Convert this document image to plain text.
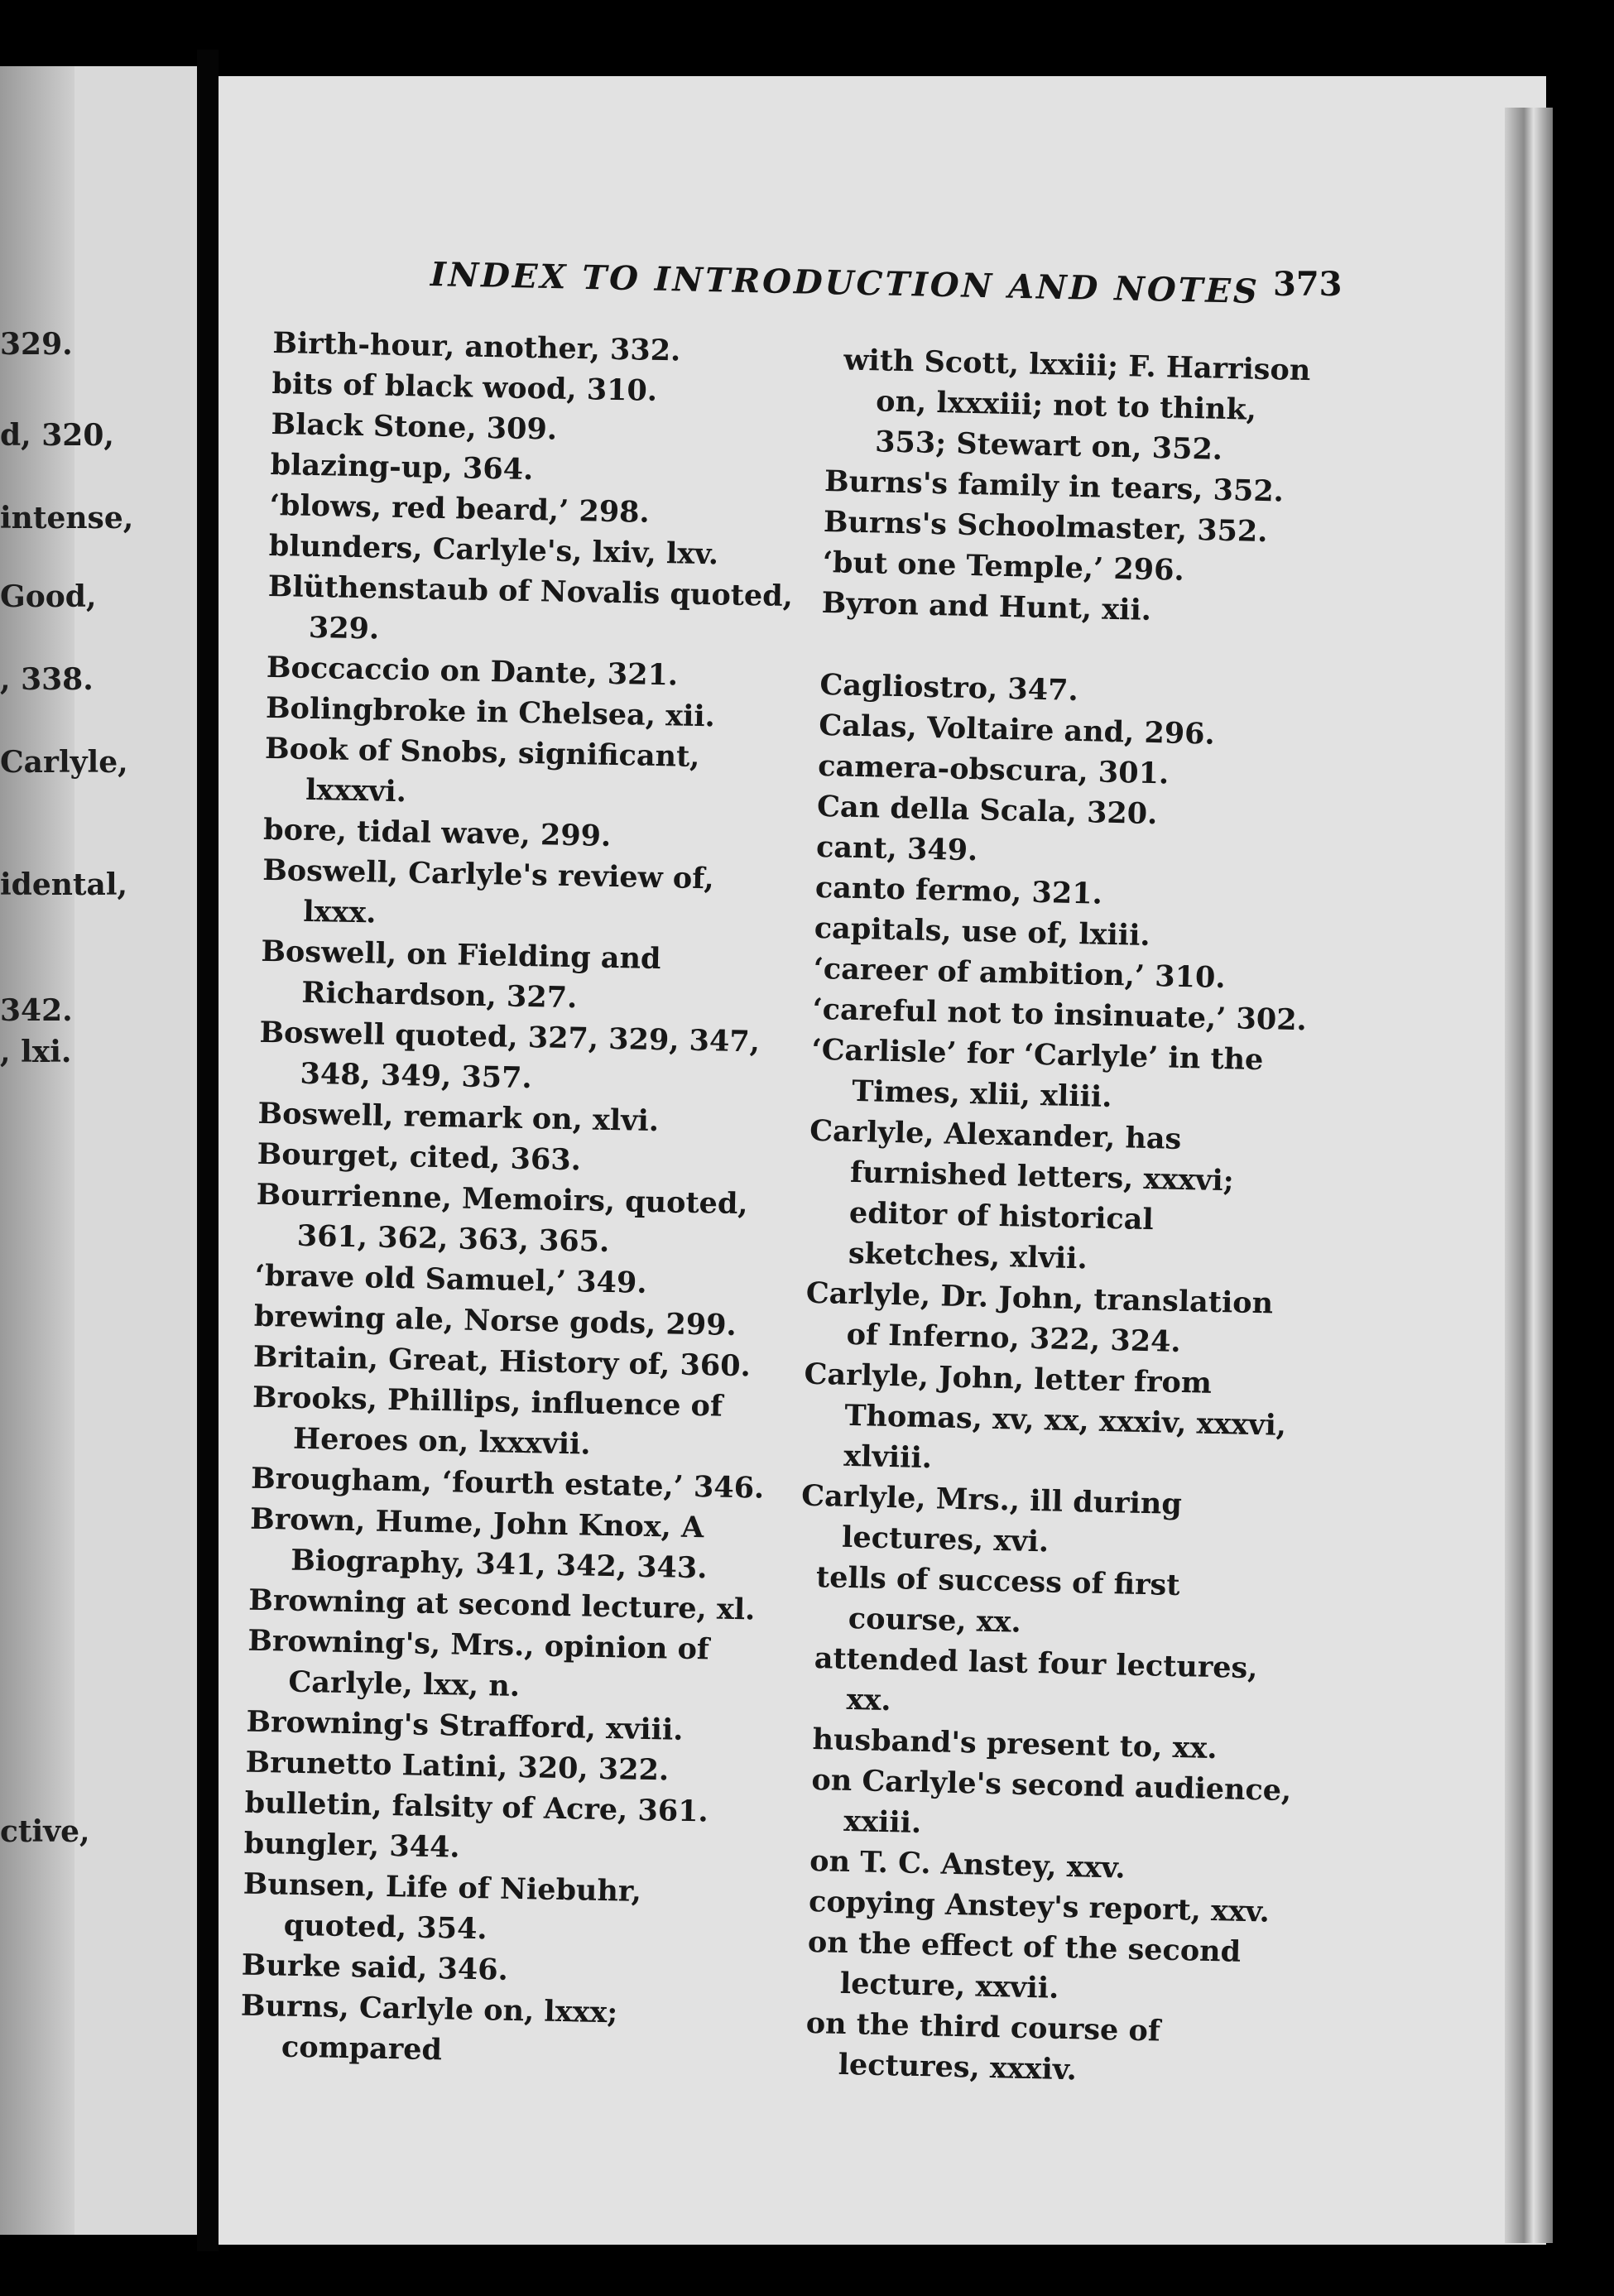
329.
d, 320,
intense,
Good,
, 338.
Carlyle,
idental,
342.
, lxi.
ctive,
INDEX TO INTRODUCTION AND NOTES 373

Birth-hour, another, 332.

bits of black wood, 310.

Black Stone, 309.

blazing-up, 364.

‘blows, red beard,’ 298.

blunders, Carlyle's, lxiv, lxv.

Blüthenstaub of Novalis quoted, 329.

Boccaccio on Dante, 321.

Bolingbroke in Chelsea, xii.

Book of Snobs, significant, lxxxvi.

bore, tidal wave, 299.

Boswell, Carlyle's review of, lxxx.

Boswell, on Fielding and Richardson, 327.

Boswell quoted, 327, 329, 347, 348, 349, 357.

Boswell, remark on, xlvi.

Bourget, cited, 363.

Bourrienne, Memoirs, quoted, 361, 362, 363, 365.

‘brave old Samuel,’ 349.

brewing ale, Norse gods, 299.

Britain, Great, History of, 360.

Brooks, Phillips, influence of Heroes on, lxxxvii.

Brougham, ‘fourth estate,’ 346.

Brown, Hume, John Knox, A Biography, 341, 342, 343.

Browning at second lecture, xl.

Browning's, Mrs., opinion of Carlyle, lxx, n.

Browning's Strafford, xviii.

Brunetto Latini, 320, 322.

bulletin, falsity of Acre, 361.

bungler, 344.

Bunsen, Life of Niebuhr, quoted, 354.

Burke said, 346.

Burns, Carlyle on, lxxx; compared

with Scott, lxxiii; F. Harrison on, lxxxiii; not to think, 353; Stewart on, 352.

Burns's family in tears, 352.

Burns's Schoolmaster, 352.

‘but one Temple,’ 296.

Byron and Hunt, xii.

Cagliostro, 347.

Calas, Voltaire and, 296.

camera-obscura, 301.

Can della Scala, 320.

cant, 349.

canto fermo, 321.

capitals, use of, lxiii.

‘career of ambition,’ 310.

‘careful not to insinuate,’ 302.

‘Carlisle’ for ‘Carlyle’ in the Times, xlii, xliii.

Carlyle, Alexander, has furnished letters, xxxvi; editor of historical sketches, xlvii.

Carlyle, Dr. John, translation of Inferno, 322, 324.

Carlyle, John, letter from Thomas, xv, xx, xxxiv, xxxvi, xlviii.

Carlyle, Mrs., ill during lectures, xvi.

tells of success of first course, xx.

attended last four lectures, xx.

husband's present to, xx.

on Carlyle's second audience, xxiii.

on T. C. Anstey, xxv.

copying Anstey's report, xxv.

on the effect of the second lecture, xxvii.

on the third course of lectures, xxxiv.
